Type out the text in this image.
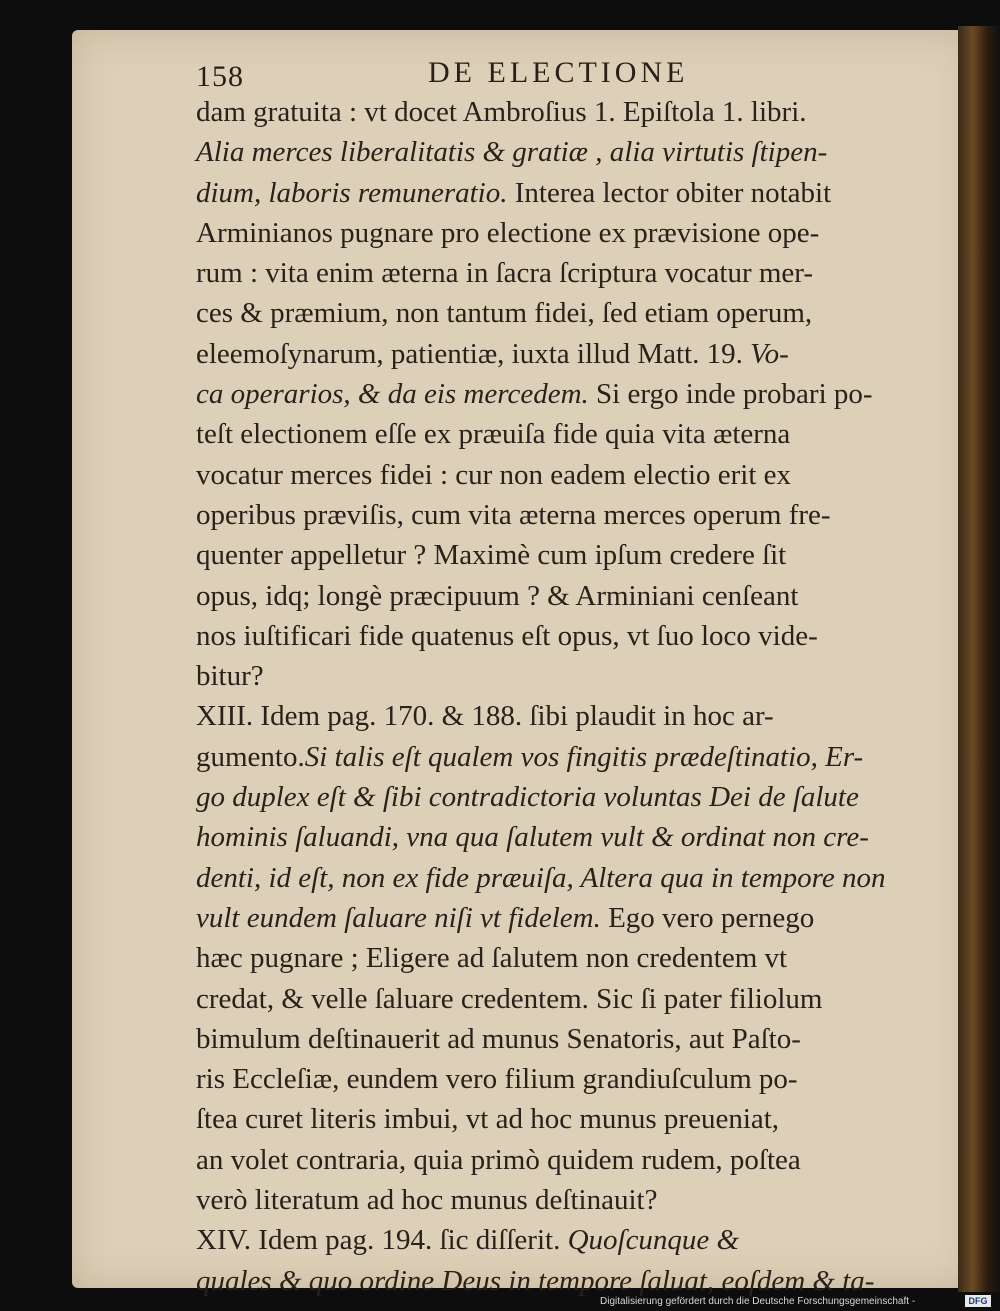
158	DE ELECTIONE
dam gratuita : vt docet Ambroſius 1. Epiſtola 1. libri.
Alia merces liberalitatis & gratiæ , alia virtutis ſtipen-
dium, laboris remuneratio. Interea lector obiter notabit
Arminianos pugnare pro electione ex prævisione ope-
rum : vita enim æterna in ſacra ſcriptura vocatur mer-
ces & præmium, non tantum fidei, ſed etiam operum,
eleemoſynarum, patientiæ, iuxta illud Matt. 19. Vo-
ca operarios, & da eis mercedem. Si ergo inde probari po-
teſt electionem eſſe ex præuiſa fide quia vita æterna
vocatur merces fidei : cur non eadem electio erit ex
operibus præviſis, cum vita æterna merces operum fre-
quenter appelletur ? Maximè cum ipſum credere ſit
opus, idq; longè præcipuum ? & Arminiani cenſeant
nos iuſtificari fide quatenus eſt opus, vt ſuo loco vide-
bitur?
XIII. Idem pag. 170. & 188. ſibi plaudit in hoc ar-
gumento.Si talis eſt qualem vos fingitis prædeſtinatio, Er-
go duplex eſt & ſibi contradictoria voluntas Dei de ſalute
hominis ſaluandi, vna qua ſalutem vult & ordinat non cre-
denti, id eſt, non ex fide præuiſa, Altera qua in tempore non
vult eundem ſaluare niſi vt fidelem. Ego vero pernego
hæc pugnare ; Eligere ad ſalutem non credentem vt
credat, & velle ſaluare credentem. Sic ſi pater filiolum
bimulum deſtinauerit ad munus Senatoris, aut Paſto-
ris Eccleſiæ, eundem vero filium grandiuſculum po-
ſtea curet literis imbui, vt ad hoc munus preueniat,
an volet contraria, quia primò quidem rudem, poſtea
verò literatum ad hoc munus deſtinauit?
XIV. Idem pag. 194. ſic diſſerit. Quoſcunque &
quales & quo ordine Deus in tempore ſaluat, eoſdem & ta-
Digitalisierung gefördert durch die Deutsche Forschungsgemeinschaft -	DFG
